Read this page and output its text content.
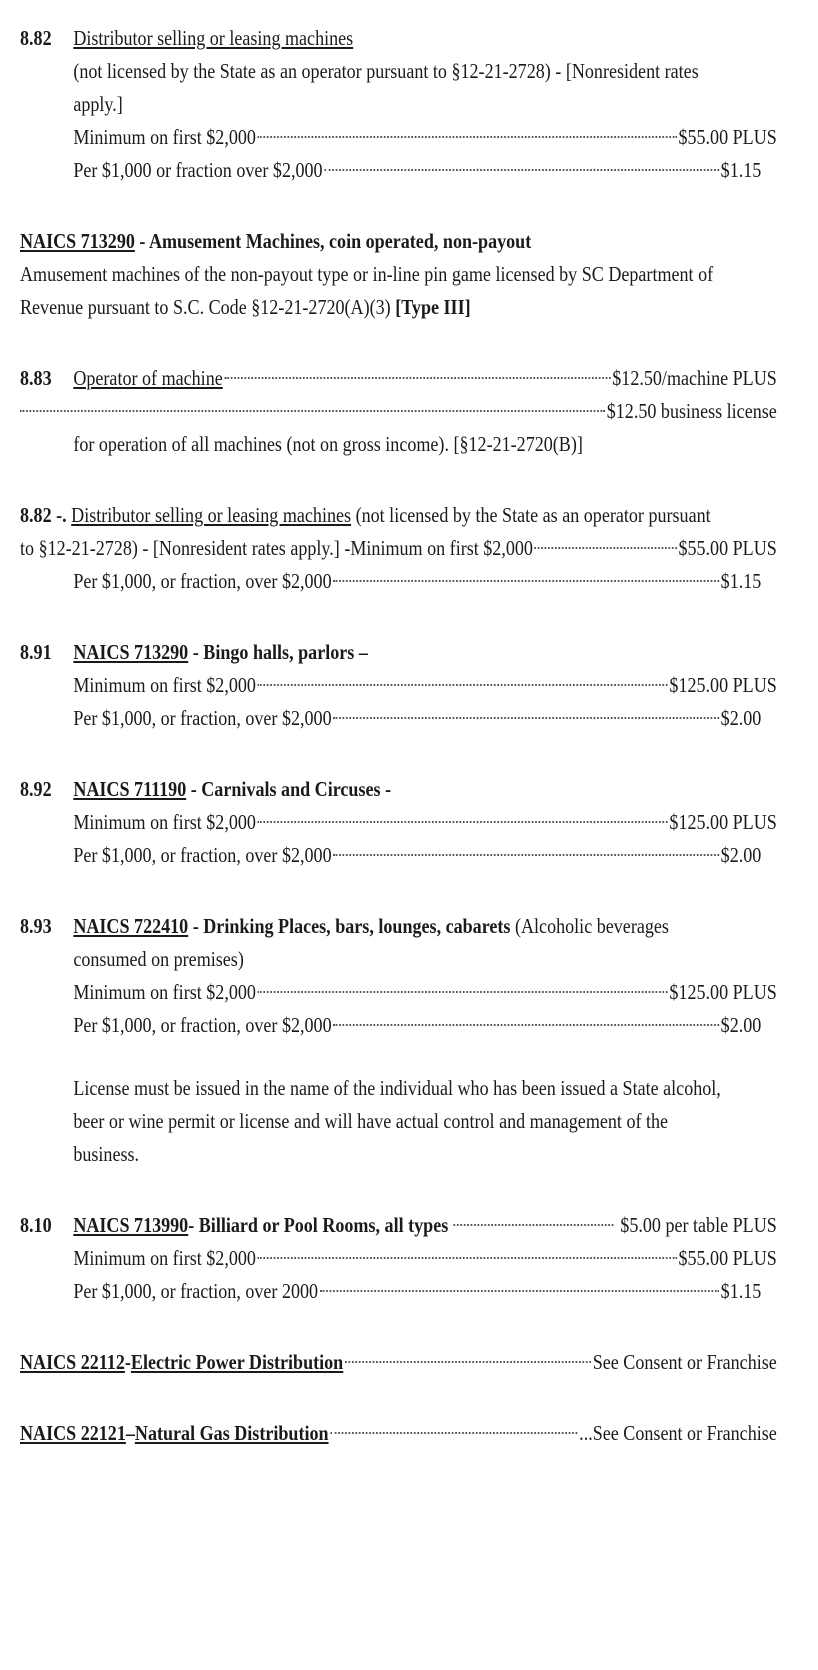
8.82 Distributor selling or leasing machines
(not licensed by the State as an operator pursuant to §12-21-2728) - [Nonresident rates
apply.]
Minimum on first $2,000	$55.00 PLUS
Per $1,000 or fraction over $2,000	$1.15
NAICS 713290 - Amusement Machines, coin operated, non-payout
Amusement machines of the non-payout type or in-line pin game licensed by SC Department of
Revenue pursuant to S.C. Code §12-21-2720(A)(3) [Type III]
8.83	Operator of machine	$12.50/machine PLUS
$12.50 business license
for operation of all machines (not on gross income). [§12-21-2720(B)]
8.82 -. Distributor selling or leasing machines (not licensed by the State as an operator pursuant
to §12-21-2728) - [Nonresident rates apply.] -Minimum on first $2,000	$55.00 PLUS
Per $1,000, or fraction, over $2,000	$1.15
8.91 NAICS 713290 - Bingo halls, parlors –
Minimum on first $2,000	$125.00 PLUS
Per $1,000, or fraction, over $2,000	$2.00
8.92 NAICS 711190 - Carnivals and Circuses -
Minimum on first $2,000	$125.00 PLUS
Per $1,000, or fraction, over $2,000	$2.00
8.93 NAICS 722410 - Drinking Places, bars, lounges, cabarets (Alcoholic beverages
consumed on premises)
Minimum on first $2,000	$125.00 PLUS
Per $1,000, or fraction, over $2,000	$2.00
License must be issued in the name of the individual who has been issued a State alcohol,
beer or wine permit or license and will have actual control and management of the
business.
8.10	NAICS 713990 - Billiard or Pool Rooms, all types	$5.00 per table PLUS
Minimum on first $2,000	$55.00 PLUS
Per $1,000, or fraction, over 2000	$1.15
NAICS 22112 - Electric Power Distribution	See Consent or Franchise
NAICS 22121 – Natural Gas Distribution	...See Consent or Franchise
